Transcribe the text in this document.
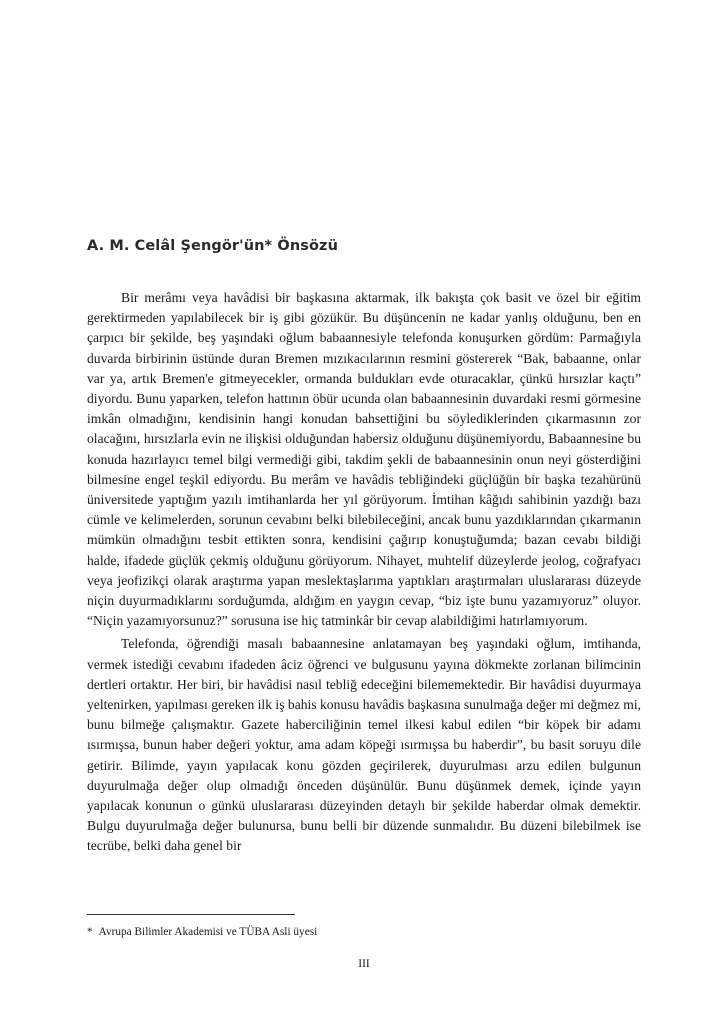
A. M. Celâl Şengör'ün* Önsözü

Bir merâmı veya havâdisi bir başkasına aktarmak, ilk bakışta çok basit ve özel bir eğitim gerektirmeden yapılabilecek bir iş gibi gözükür. Bu düşüncenin ne kadar yanlış olduğunu, ben en çarpıcı bir şekilde, beş yaşındaki oğlum babaannesiyle telefonda konuşurken gördüm: Parmağıyla duvarda birbirinin üstünde duran Bremen mızıkacılarının resmini göstererek “Bak, babaanne, onlar var ya, artık Bremen'e gitmeyecekler, ormanda buldukları evde oturacaklar, çünkü hırsızlar kaçtı” diyordu. Bunu yaparken, telefon hattının öbür ucunda olan babaannesinin duvardaki resmi görmesine imkân olmadığını, kendisinin hangi konudan bahsettiğini bu söylediklerinden çıkarmasının zor olacağını, hırsızlarla evin ne ilişkisi olduğundan habersiz olduğunu düşünemiyordu, Babaannesine bu konuda hazırlayıcı temel bilgi vermediği gibi, takdim şekli de babaannesinin onun neyi gösterdiğini bilmesine engel teşkil ediyordu. Bu merâm ve havâdis tebliğindeki güçlüğün bir başka tezahürünü üniversitede yaptığım yazılı imtihanlarda her yıl görüyorum. İmtihan kâğıdı sahibinin yazdığı bazı cümle ve kelimelerden, sorunun cevabını belki bilebileceğini, ancak bunu yazdıklarından çıkarmanın mümkün olmadığını tesbit ettikten sonra, kendisini çağırıp konuştuğumda; bazan cevabı bildiği halde, ifadede güçlük çekmiş olduğunu görüyorum. Nihayet, muhtelif düzeylerde jeolog, coğrafyacı veya jeofizikçi olarak araştırma yapan meslektaşlarıma yaptıkları araştırmaları uluslararası düzeyde niçin duyurmadıklarını sorduğumda, aldığım en yaygın cevap, “biz işte bunu yazamıyoruz” oluyor. “Niçin yazamıyorsunuz?” sorusuna ise hiç tatminkâr bir cevap alabildiğimi hatırlamıyorum.

Telefonda, öğrendiği masalı babaannesine anlatamayan beş yaşındaki oğlum, imtihanda, vermek istediği cevabını ifadeden âciz öğrenci ve bulgusunu yayına dökmekte zorlanan bilimcinin dertleri ortaktır. Her biri, bir havâdisi nasıl tebliğ edeceğini bilememektedir. Bir havâdisi duyurmaya yeltenirken, yapılması gereken ilk iş bahis konusu havâdis başkasına sunulmağa değer mi değmez mi, bunu bilmeğe çalışmaktır. Gazete haberciliğinin temel ilkesi kabul edilen “bir köpek bir adamı ısırmışsa, bunun haber değeri yoktur, ama adam köpeği ısırmışsa bu haberdir”, bu basit soruyu dile getirir. Bilimde, yayın yapılacak konu gözden geçirilerek, duyurulması arzu edilen bulgunun duyurulmağa değer olup olmadığı önceden düşünülür. Bunu düşünmek demek, içinde yayın yapılacak konunun o günkü uluslararası düzeyinden detaylı bir şekilde haberdar olmak demektir. Bulgu duyurulmağa değer bulunursa, bunu belli bir düzende sunmalıdır. Bu düzeni bilebilmek ise tecrübe, belki daha genel bir

* Avrupa Bilimler Akademisi ve TÜBA Asli üyesi

III
